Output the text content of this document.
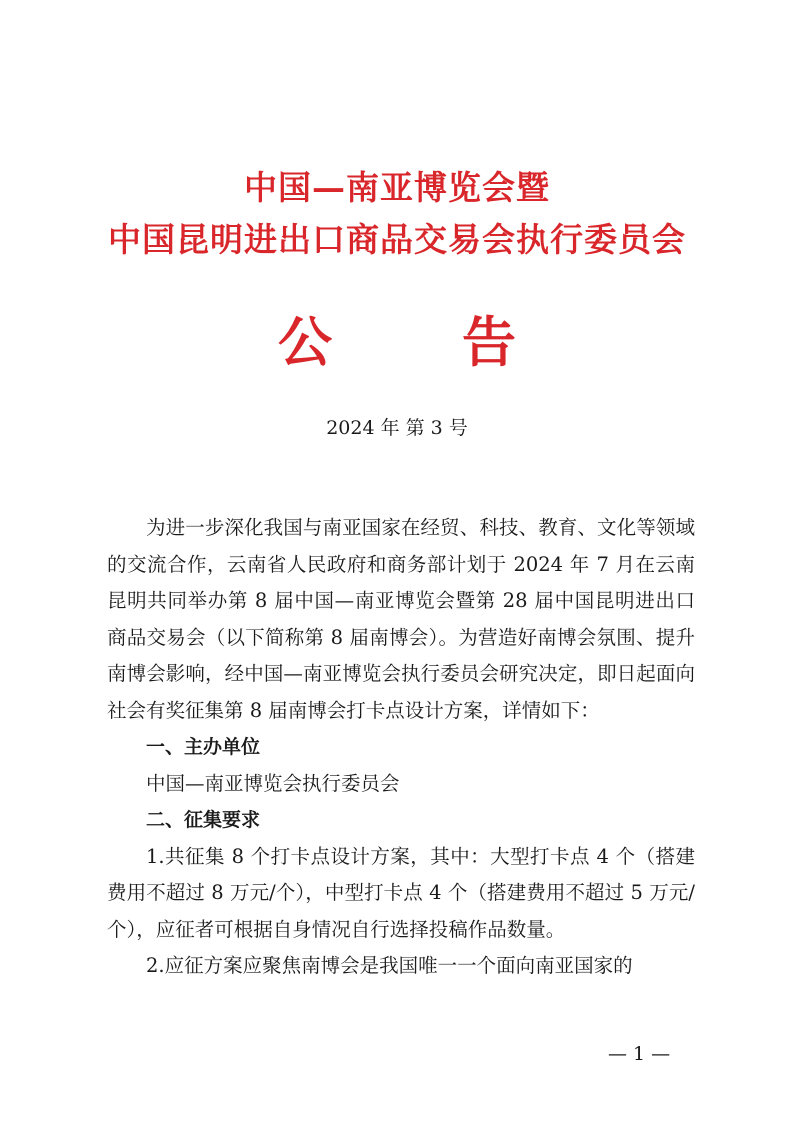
中国—南亚博览会暨
中国昆明进出口商品交易会执行委员会
公 告
2024 年 第 3 号

为进一步深化我国与南亚国家在经贸、科技、教育、文化等领域的交流合作，云南省人民政府和商务部计划于 2024 年 7 月在云南昆明共同举办第 8 届中国—南亚博览会暨第 28 届中国昆明进出口商品交易会（以下简称第 8 届南博会）。为营造好南博会氛围、提升南博会影响，经中国—南亚博览会执行委员会研究决定，即日起面向社会有奖征集第 8 届南博会打卡点设计方案，详情如下：

一、主办单位

中国—南亚博览会执行委员会

二、征集要求

1.共征集 8 个打卡点设计方案，其中：大型打卡点 4 个（搭建费用不超过 8 万元/个），中型打卡点 4 个（搭建费用不超过 5 万元/个），应征者可根据自身情况自行选择投稿作品数量。

2.应征方案应聚焦南博会是我国唯一一个面向南亚国家的

— 1 —
